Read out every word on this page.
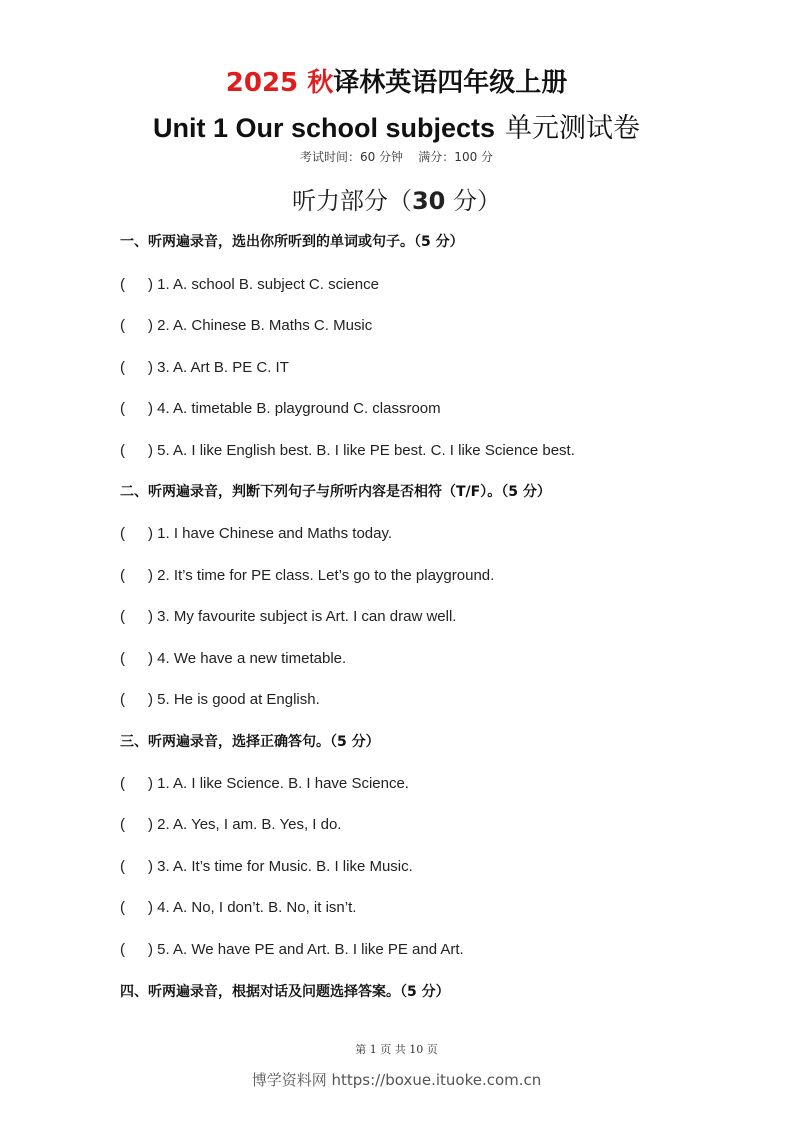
2025 秋译林英语四年级上册
Unit 1 Our school subjects 单元测试卷
考试时间：60 分钟    满分：100 分
听力部分（30 分）
一、听两遍录音，选出你所听到的单词或句子。（5 分）
( ) 1. A. school B. subject C. science
( ) 2. A. Chinese B. Maths C. Music
( ) 3. A. Art B. PE C. IT
( ) 4. A. timetable B. playground C. classroom
( ) 5. A. I like English best. B. I like PE best. C. I like Science best.
二、听两遍录音，判断下列句子与所听内容是否相符（T/F）。（5 分）
( ) 1. I have Chinese and Maths today.
( ) 2. It’s time for PE class. Let’s go to the playground.
( ) 3. My favourite subject is Art. I can draw well.
( ) 4. We have a new timetable.
( ) 5. He is good at English.
三、听两遍录音，选择正确答句。（5 分）
( ) 1. A. I like Science. B. I have Science.
( ) 2. A. Yes, I am. B. Yes, I do.
( ) 3. A. It’s time for Music. B. I like Music.
( ) 4. A. No, I don’t. B. No, it isn’t.
( ) 5. A. We have PE and Art. B. I like PE and Art.
四、听两遍录音，根据对话及问题选择答案。（5 分）
第 1 页 共 10 页
博学资料网 https://boxue.ituoke.com.cn
